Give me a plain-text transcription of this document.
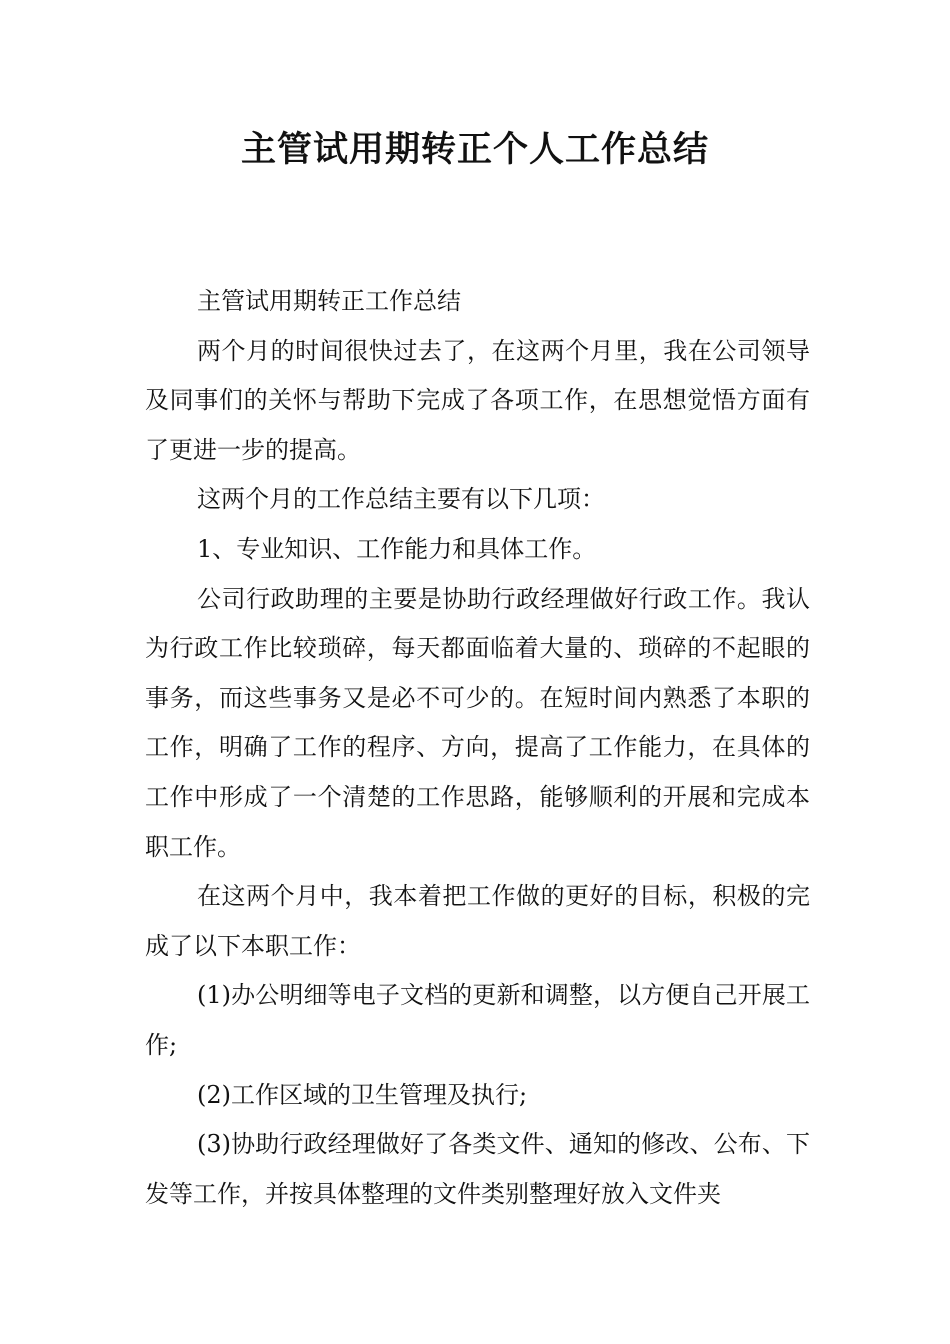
主管试用期转正个人工作总结

主管试用期转正工作总结

两个月的时间很快过去了，在这两个月里，我在公司领导及同事们的关怀与帮助下完成了各项工作，在思想觉悟方面有了更进一步的提高。

这两个月的工作总结主要有以下几项：

1、专业知识、工作能力和具体工作。

公司行政助理的主要是协助行政经理做好行政工作。我认为行政工作比较琐碎，每天都面临着大量的、琐碎的不起眼的事务，而这些事务又是必不可少的。在短时间内熟悉了本职的工作，明确了工作的程序、方向，提高了工作能力，在具体的工作中形成了一个清楚的工作思路，能够顺利的开展和完成本职工作。

在这两个月中，我本着把工作做的更好的目标，积极的完成了以下本职工作：

(1)办公明细等电子文档的更新和调整，以方便自己开展工作;

(2)工作区域的卫生管理及执行;

(3)协助行政经理做好了各类文件、通知的修改、公布、下发等工作，并按具体整理的文件类别整理好放入文件夹
